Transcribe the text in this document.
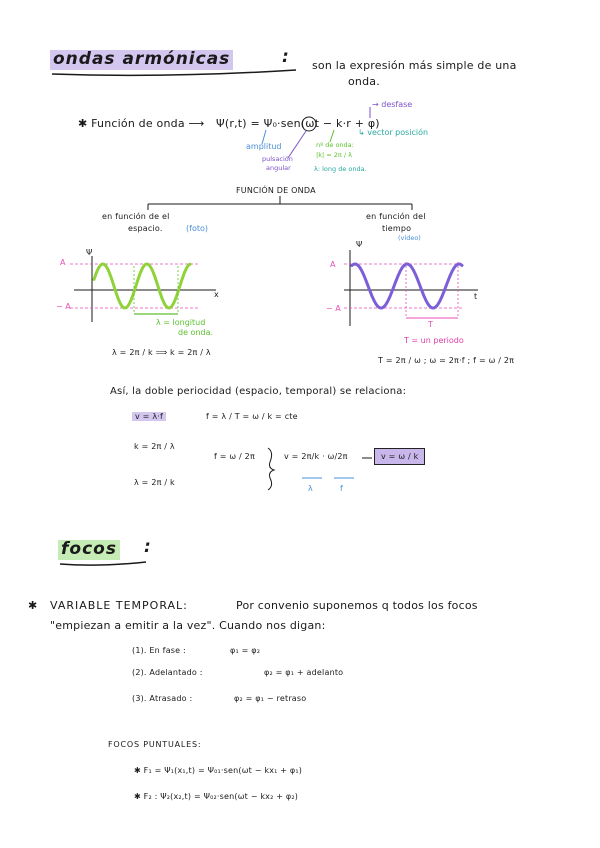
ondas armónicas	: son la expresión más simple de una
onda.
✱ Función de onda ⟶ Ψ(r,t) = Ψ₀·sen(ωt − k·r + φ)
→ desfase
↳ vector posición
amplitud
pulsación
angular
nº de onda:
|k| = 2π / λ
λ: long de onda.
FUNCIÓN DE ONDA
en función de el
espacio.	(foto)
A
− A
Ψ
x
λ = longitud
de onda.
λ = 2π / k ⟹ k = 2π / λ
en función del
tiempo
(vídeo)
A
− A
Ψ
t
T
T = un periodo
T = 2π / ω ; ω = 2π·f ; f = ω / 2π
Así, la doble periocidad (espacio, temporal) se relaciona:
v = λ·f	f = λ / T = ω / k = cte
k = 2π / λ
λ = 2π / k
f = ω / 2π	v = 2π/k · ω/2π
λ	f
v = ω / k
focos :
✱ VARIABLE TEMPORAL:	Por convenio suponemos q todos los focos
"empiezan a emitir a la vez". Cuando nos digan:
(1). En fase :	φ₁ = φ₂
(2). Adelantado :	φ₂ = φ₁ + adelanto
(3). Atrasado :	φ₂ = φ₁ − retraso
FOCOS PUNTUALES:
✱ F₁ = Ψ₁(x₁,t) = Ψ₀₁·sen(ωt − kx₁ + φ₁)
✱ F₂ : Ψ₂(x₂,t) = Ψ₀₂·sen(ωt − kx₂ + φ₂)
